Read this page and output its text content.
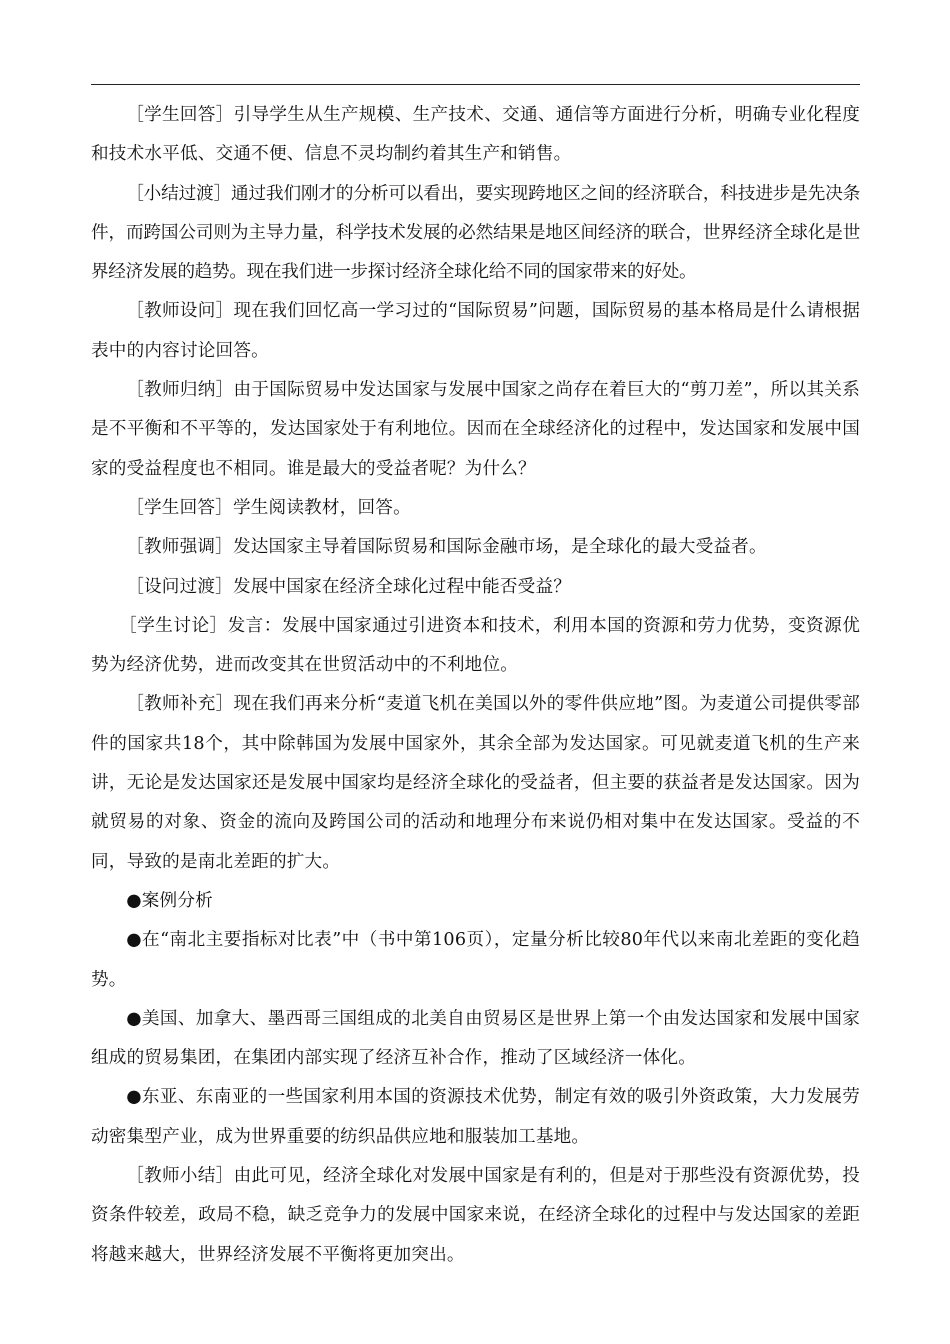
［学生回答］引导学生从生产规模、生产技术、交通、通信等方面进行分析，明确专业化程度和技术水平低、交通不便、信息不灵均制约着其生产和销售。

［小结过渡］通过我们刚才的分析可以看出，要实现跨地区之间的经济联合，科技进步是先决条件，而跨国公司则为主导力量，科学技术发展的必然结果是地区间经济的联合，世界经济全球化是世界经济发展的趋势。现在我们进一步探讨经济全球化给不同的国家带来的好处。

［教师设问］现在我们回忆高一学习过的“国际贸易”问题，国际贸易的基本格局是什么请根据表中的内容讨论回答。

［教师归纳］由于国际贸易中发达国家与发展中国家之尚存在着巨大的“剪刀差”，所以其关系是不平衡和不平等的，发达国家处于有利地位。因而在全球经济化的过程中，发达国家和发展中国家的受益程度也不相同。谁是最大的受益者呢？为什么？

［学生回答］学生阅读教材，回答。

［教师强调］发达国家主导着国际贸易和国际金融市场，是全球化的最大受益者。

［设问过渡］发展中国家在经济全球化过程中能否受益？

［学生讨论］发言：发展中国家通过引进资本和技术，利用本国的资源和劳力优势，变资源优势为经济优势，进而改变其在世贸活动中的不利地位。

［教师补充］现在我们再来分析“麦道飞机在美国以外的零件供应地”图。为麦道公司提供零部件的国家共18个，其中除韩国为发展中国家外，其余全部为发达国家。可见就麦道飞机的生产来讲，无论是发达国家还是发展中国家均是经济全球化的受益者，但主要的获益者是发达国家。因为就贸易的对象、资金的流向及跨国公司的活动和地理分布来说仍相对集中在发达国家。受益的不同，导致的是南北差距的扩大。

●案例分析

●在“南北主要指标对比表”中（书中第106页），定量分析比较80年代以来南北差距的变化趋势。

●美国、加拿大、墨西哥三国组成的北美自由贸易区是世界上第一个由发达国家和发展中国家组成的贸易集团，在集团内部实现了经济互补合作，推动了区域经济一体化。

●东亚、东南亚的一些国家利用本国的资源技术优势，制定有效的吸引外资政策，大力发展劳动密集型产业，成为世界重要的纺织品供应地和服装加工基地。

［教师小结］由此可见，经济全球化对发展中国家是有利的，但是对于那些没有资源优势，投资条件较差，政局不稳，缺乏竞争力的发展中国家来说，在经济全球化的过程中与发达国家的差距将越来越大，世界经济发展不平衡将更加突出。
